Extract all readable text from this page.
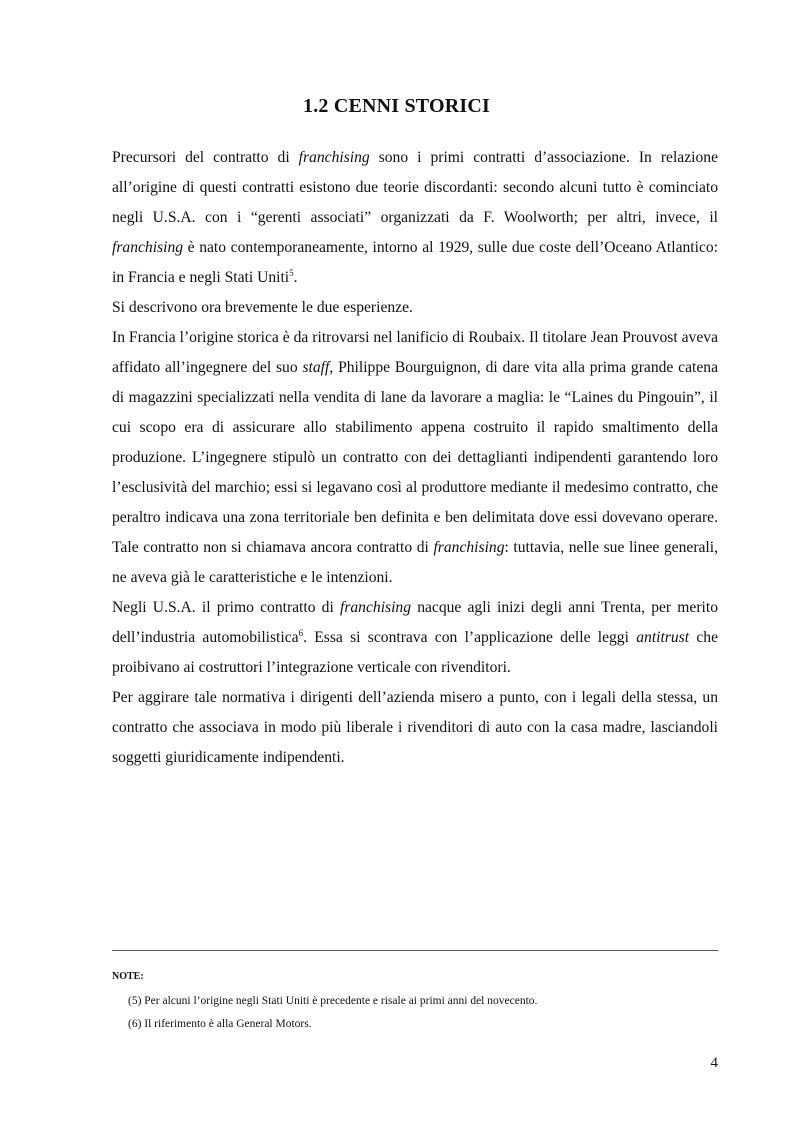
1.2 CENNI STORICI

Precursori del contratto di franchising sono i primi contratti d’associazione. In relazione all’origine di questi contratti esistono due teorie discordanti: secondo alcuni tutto è cominciato negli U.S.A. con i “gerenti associati” organizzati da F. Woolworth; per altri, invece, il franchising è nato contemporaneamente, intorno al 1929, sulle due coste dell’Oceano Atlantico: in Francia e negli Stati Uniti$^5$.

Si descrivono ora brevemente le due esperienze.

In Francia l’origine storica è da ritrovarsi nel lanificio di Roubaix. Il titolare Jean Prouvost aveva affidato all’ingegnere del suo staff, Philippe Bourguignon, di dare vita alla prima grande catena di magazzini specializzati nella vendita di lane da lavorare a maglia: le “Laines du Pingouin”, il cui scopo era di assicurare allo stabilimento appena costruito il rapido smaltimento della produzione. L’ingegnere stipulò un contratto con dei dettaglianti indipendenti garantendo loro l’esclusività del marchio; essi si legavano così al produttore mediante il medesimo contratto, che peraltro indicava una zona territoriale ben definita e ben delimitata dove essi dovevano operare. Tale contratto non si chiamava ancora contratto di franchising: tuttavia, nelle sue linee generali, ne aveva già le caratteristiche e le intenzioni.

Negli U.S.A. il primo contratto di franchising nacque agli inizi degli anni Trenta, per merito dell’industria automobilistica$^6$. Essa si scontrava con l’applicazione delle leggi antitrust che proibivano ai costruttori l’integrazione verticale con rivenditori.

Per aggirare tale normativa i dirigenti dell’azienda misero a punto, con i legali della stessa, un contratto che associava in modo più liberale i rivenditori di auto con la casa madre, lasciandoli soggetti giuridicamente indipendenti.

NOTE:

(5) Per alcuni l’origine negli Stati Uniti è precedente e risale ai primi anni del novecento.

(6) Il riferimento è alla General Motors.

4
